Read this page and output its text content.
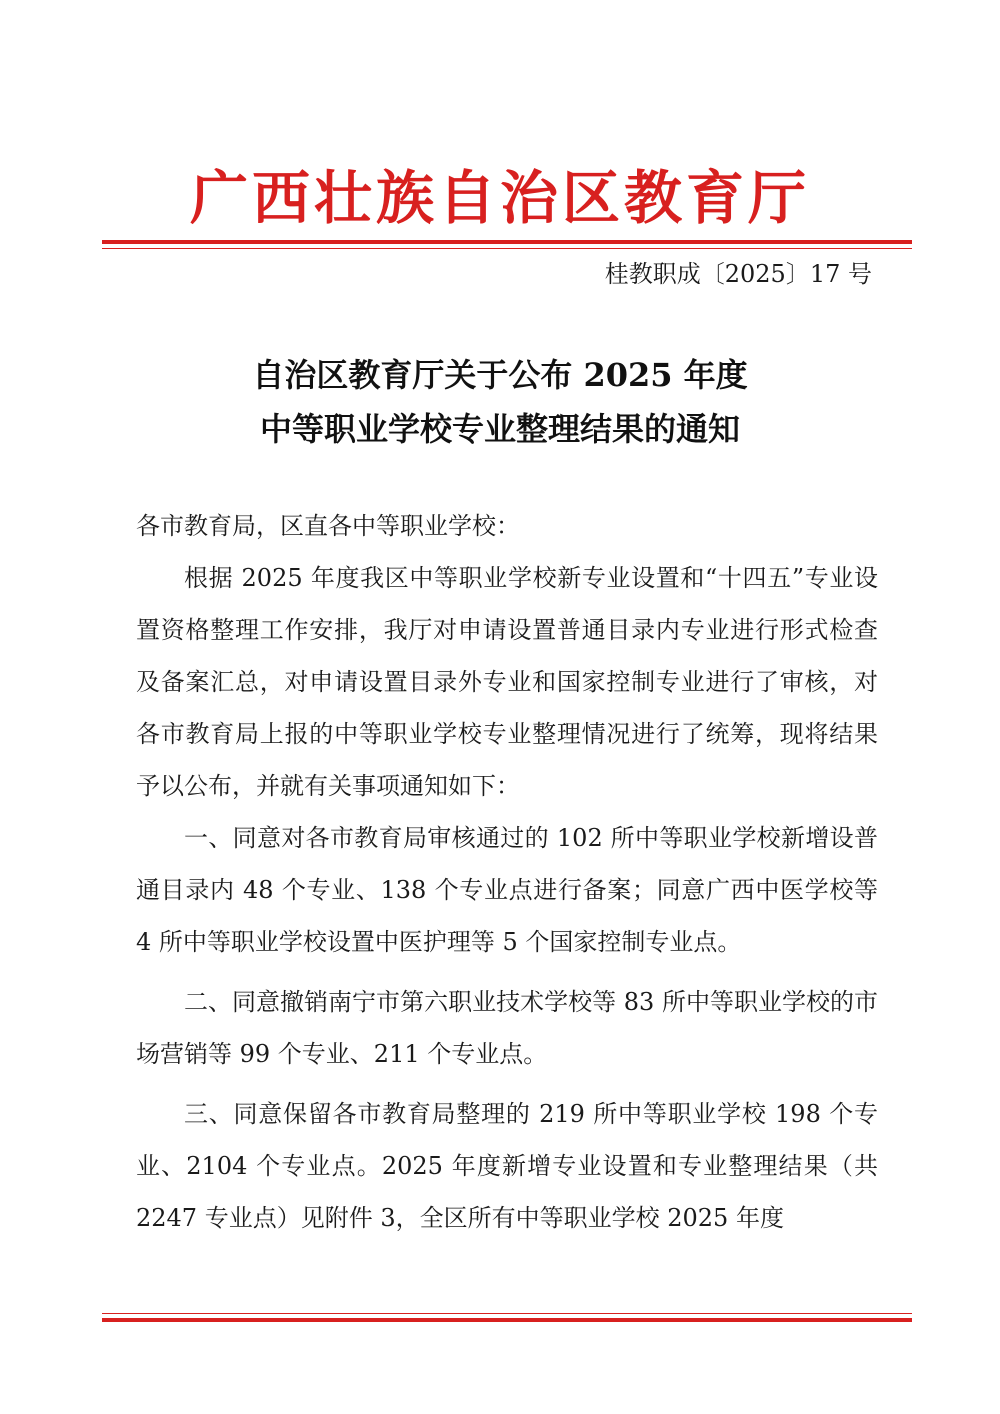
广西壮族自治区教育厅
桂教职成〔2025〕17 号
自治区教育厅关于公布 2025 年度
中等职业学校专业整理结果的通知

各市教育局，区直各中等职业学校：

根据 2025 年度我区中等职业学校新专业设置和“十四五”专业设置资格整理工作安排，我厅对申请设置普通目录内专业进行形式检查及备案汇总，对申请设置目录外专业和国家控制专业进行了审核，对各市教育局上报的中等职业学校专业整理情况进行了统筹，现将结果予以公布，并就有关事项通知如下：

一、同意对各市教育局审核通过的 102 所中等职业学校新增设普通目录内 48 个专业、138 个专业点进行备案；同意广西中医学校等 4 所中等职业学校设置中医护理等 5 个国家控制专业点。

二、同意撤销南宁市第六职业技术学校等 83 所中等职业学校的市场营销等 99 个专业、211 个专业点。

三、同意保留各市教育局整理的 219 所中等职业学校 198 个专业、2104 个专业点。2025 年度新增专业设置和专业整理结果（共 2247 专业点）见附件 3，全区所有中等职业学校 2025 年度
